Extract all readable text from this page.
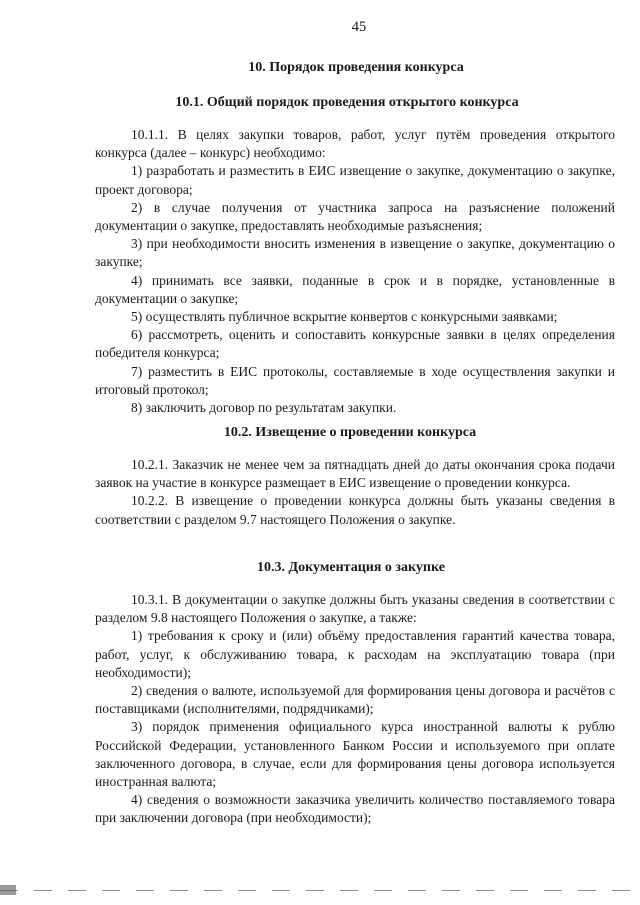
45
10. Порядок проведения конкурса
10.1. Общий порядок проведения открытого конкурса

10.1.1. В целях закупки товаров, работ, услуг путём проведения открытого конкурса (далее – конкурс) необходимо:

1) разработать и разместить в ЕИС извещение о закупке, документацию о закупке, проект договора;

2) в случае получения от участника запроса на разъяснение положений документации о закупке, предоставлять необходимые разъяснения;

3) при необходимости вносить изменения в извещение о закупке, документацию о закупке;

4) принимать все заявки, поданные в срок и в порядке, установленные в документации о закупке;

5) осуществлять публичное вскрытие конвертов с конкурсными заявками;

6) рассмотреть, оценить и сопоставить конкурсные заявки в целях определения победителя конкурса;

7) разместить в ЕИС протоколы, составляемые в ходе осуществления закупки и итоговый протокол;

8) заключить договор по результатам закупки.

10.2. Извещение о проведении конкурса

10.2.1. Заказчик не менее чем за пятнадцать дней до даты окончания срока подачи заявок на участие в конкурсе размещает в ЕИС извещение о проведении конкурса.

10.2.2. В извещение о проведении конкурса должны быть указаны сведения в соответствии с разделом 9.7 настоящего Положения о закупке.

10.3. Документация о закупке

10.3.1. В документации о закупке должны быть указаны сведения в соответствии с разделом 9.8 настоящего Положения о закупке, а также:

1) требования к сроку и (или) объёму предоставления гарантий качества товара, работ, услуг, к обслуживанию товара, к расходам на эксплуатацию товара (при необходимости);

2) сведения о валюте, используемой для формирования цены договора и расчётов с поставщиками (исполнителями, подрядчиками);

3) порядок применения официального курса иностранной валюты к рублю Российской Федерации, установленного Банком России и используемого при оплате заключенного договора, в случае, если для формирования цены договора используется иностранная валюта;

4) сведения о возможности заказчика увеличить количество поставляемого товара при заключении договора (при необходимости);
